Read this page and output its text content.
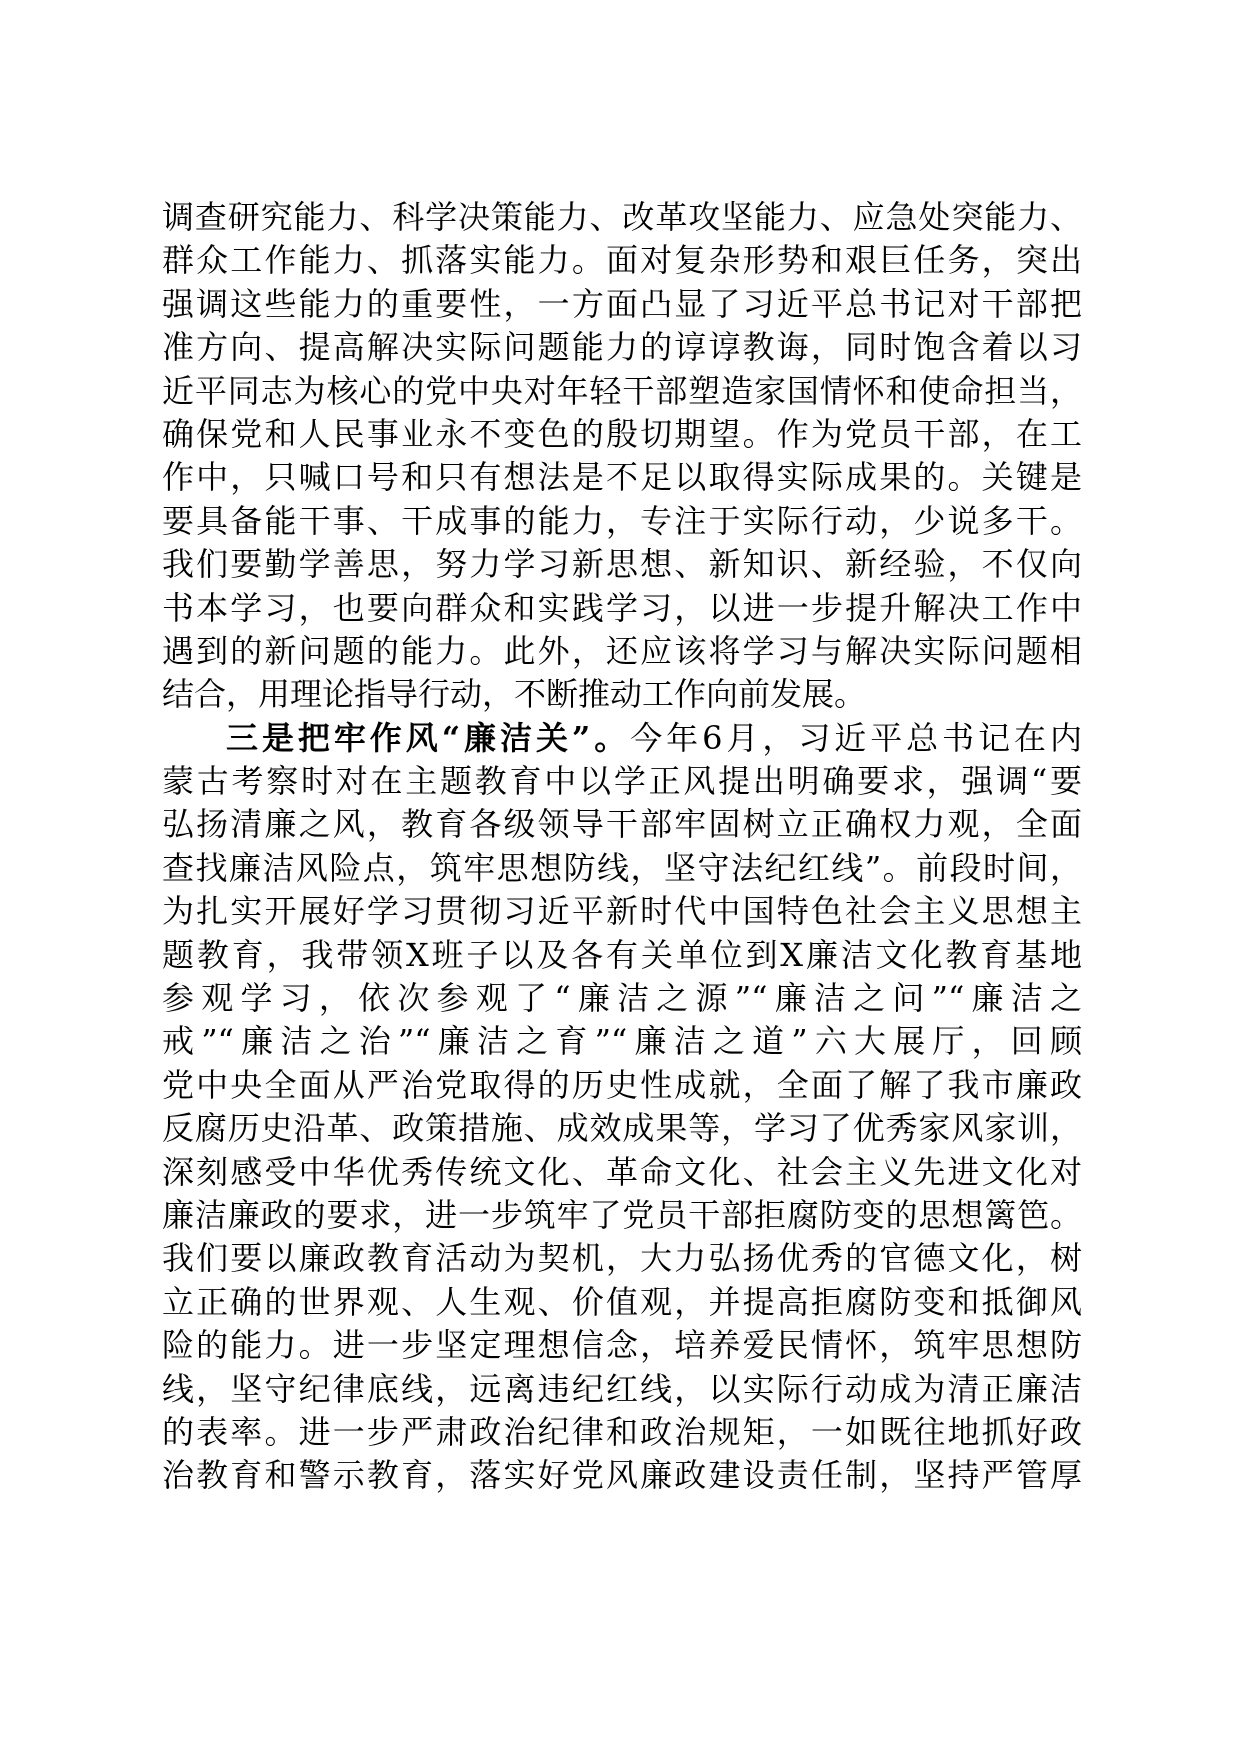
调查研究能力、科学决策能力、改革攻坚能力、应急处突能力、
群众工作能力、抓落实能力。面对复杂形势和艰巨任务，突出
强调这些能力的重要性，一方面凸显了习近平总书记对干部把
准方向、提高解决实际问题能力的谆谆教诲，同时饱含着以习
近平同志为核心的党中央对年轻干部塑造家国情怀和使命担当，
确保党和人民事业永不变色的殷切期望。作为党员干部，在工
作中，只喊口号和只有想法是不足以取得实际成果的。关键是
要具备能干事、干成事的能力，专注于实际行动，少说多干。
我们要勤学善思，努力学习新思想、新知识、新经验，不仅向
书本学习，也要向群众和实践学习，以进一步提升解决工作中
遇到的新问题的能力。此外，还应该将学习与解决实际问题相
结合，用理论指导行动，不断推动工作向前发展。
三是把牢作风“廉洁关”。今年6月，习近平总书记在内
蒙古考察时对在主题教育中以学正风提出明确要求，强调“要
弘扬清廉之风，教育各级领导干部牢固树立正确权力观，全面
查找廉洁风险点，筑牢思想防线，坚守法纪红线”。前段时间，
为扎实开展好学习贯彻习近平新时代中国特色社会主义思想主
题教育，我带领X班子以及各有关单位到X廉洁文化教育基地
参观学习，依次参观了“廉洁之源”“廉洁之问”“廉洁之
戒”“廉洁之治”“廉洁之育”“廉洁之道”六大展厅，回顾
党中央全面从严治党取得的历史性成就，全面了解了我市廉政
反腐历史沿革、政策措施、成效成果等，学习了优秀家风家训，
深刻感受中华优秀传统文化、革命文化、社会主义先进文化对
廉洁廉政的要求，进一步筑牢了党员干部拒腐防变的思想篱笆。
我们要以廉政教育活动为契机，大力弘扬优秀的官德文化，树
立正确的世界观、人生观、价值观，并提高拒腐防变和抵御风
险的能力。进一步坚定理想信念，培养爱民情怀，筑牢思想防
线，坚守纪律底线，远离违纪红线，以实际行动成为清正廉洁
的表率。进一步严肃政治纪律和政治规矩，一如既往地抓好政
治教育和警示教育，落实好党风廉政建设责任制，坚持严管厚
